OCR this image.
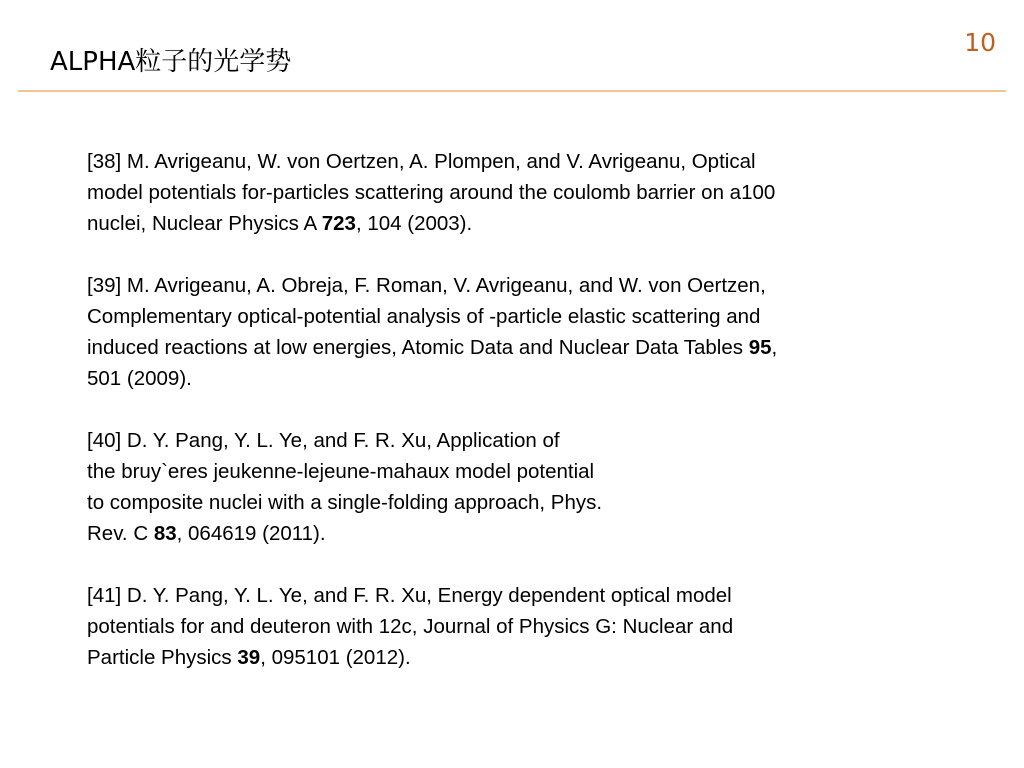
ALPHA粒子的光学势
10
[38] M. Avrigeanu, W. von Oertzen, A. Plompen, and V. Avrigeanu, Optical
model potentials for-particles scattering around the coulomb barrier on a100
nuclei, Nuclear Physics A 723, 104 (2003).
[39] M. Avrigeanu, A. Obreja, F. Roman, V. Avrigeanu, and W. von Oertzen,
Complementary optical-potential analysis of -particle elastic scattering and
induced reactions at low energies, Atomic Data and Nuclear Data Tables 95,
501 (2009).
[40] D. Y. Pang, Y. L. Ye, and F. R. Xu, Application of
the bruy`eres jeukenne-lejeune-mahaux model potential
to composite nuclei with a single-folding approach, Phys.
Rev. C 83, 064619 (2011).
[41] D. Y. Pang, Y. L. Ye, and F. R. Xu, Energy dependent optical model
potentials for and deuteron with 12c, Journal of Physics G: Nuclear and
Particle Physics 39, 095101 (2012).
